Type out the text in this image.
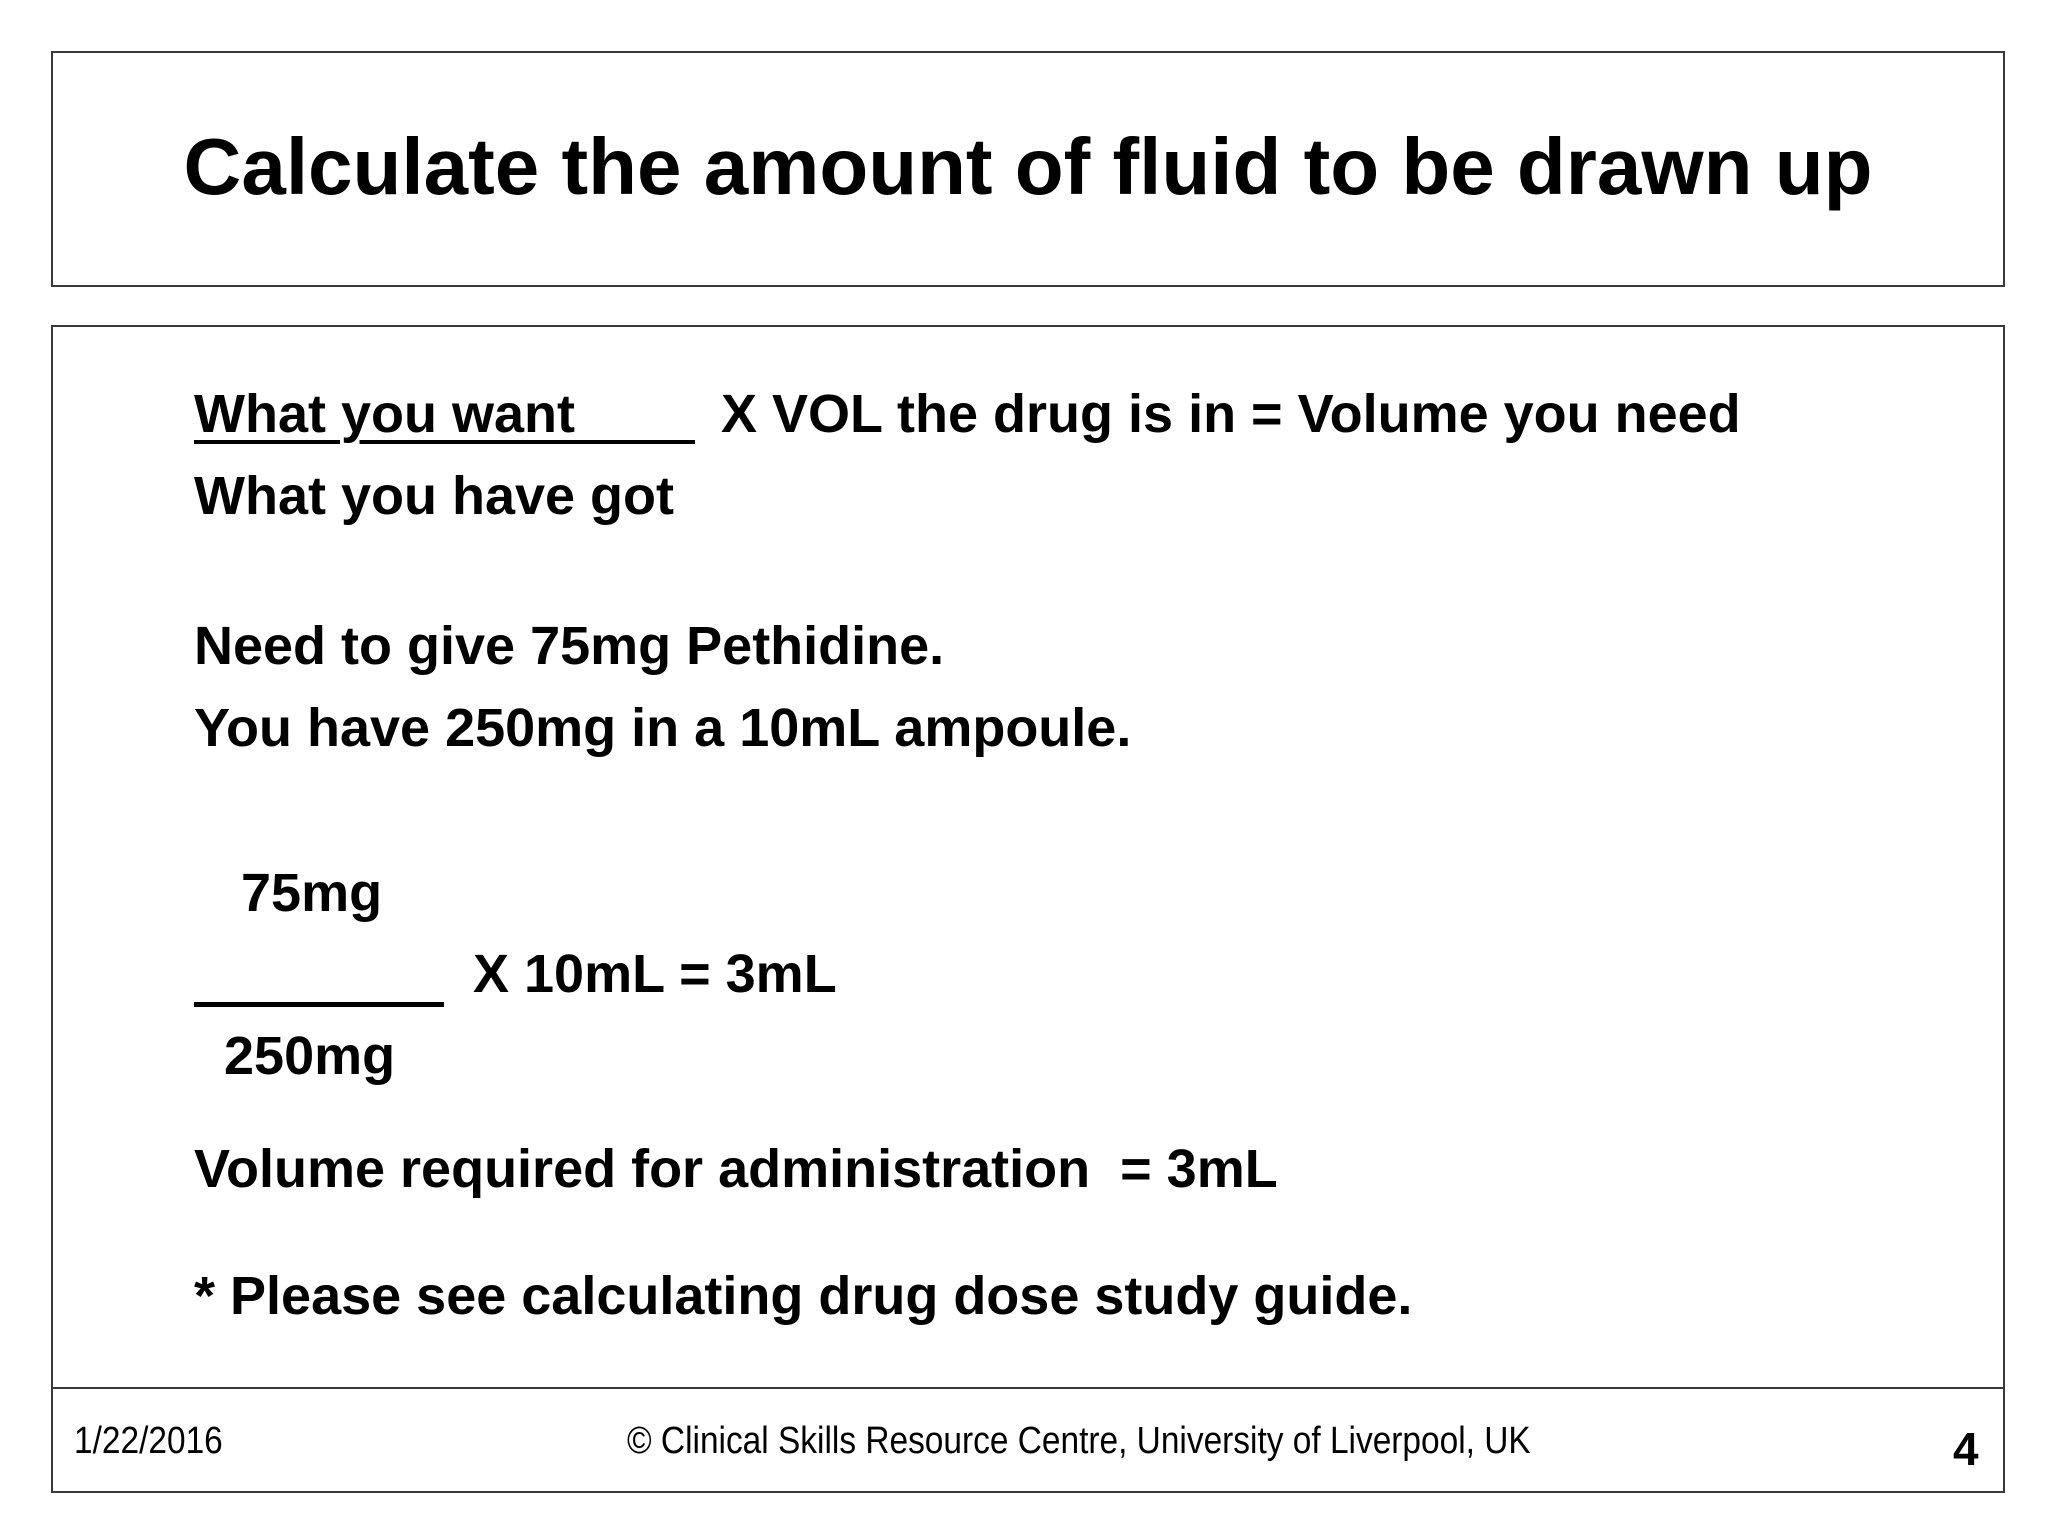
Calculate the amount of fluid to be drawn up
What you want	X VOL the drug is in = Volume you need
What you have got
Need to give 75mg Pethidine.
You have 250mg in a 10mL ampoule.
75mg
X 10mL = 3mL
250mg
Volume required for administration  = 3mL
* Please see calculating drug dose study guide.
1/22/2016	© Clinical Skills Resource Centre, University of Liverpool, UK	4
